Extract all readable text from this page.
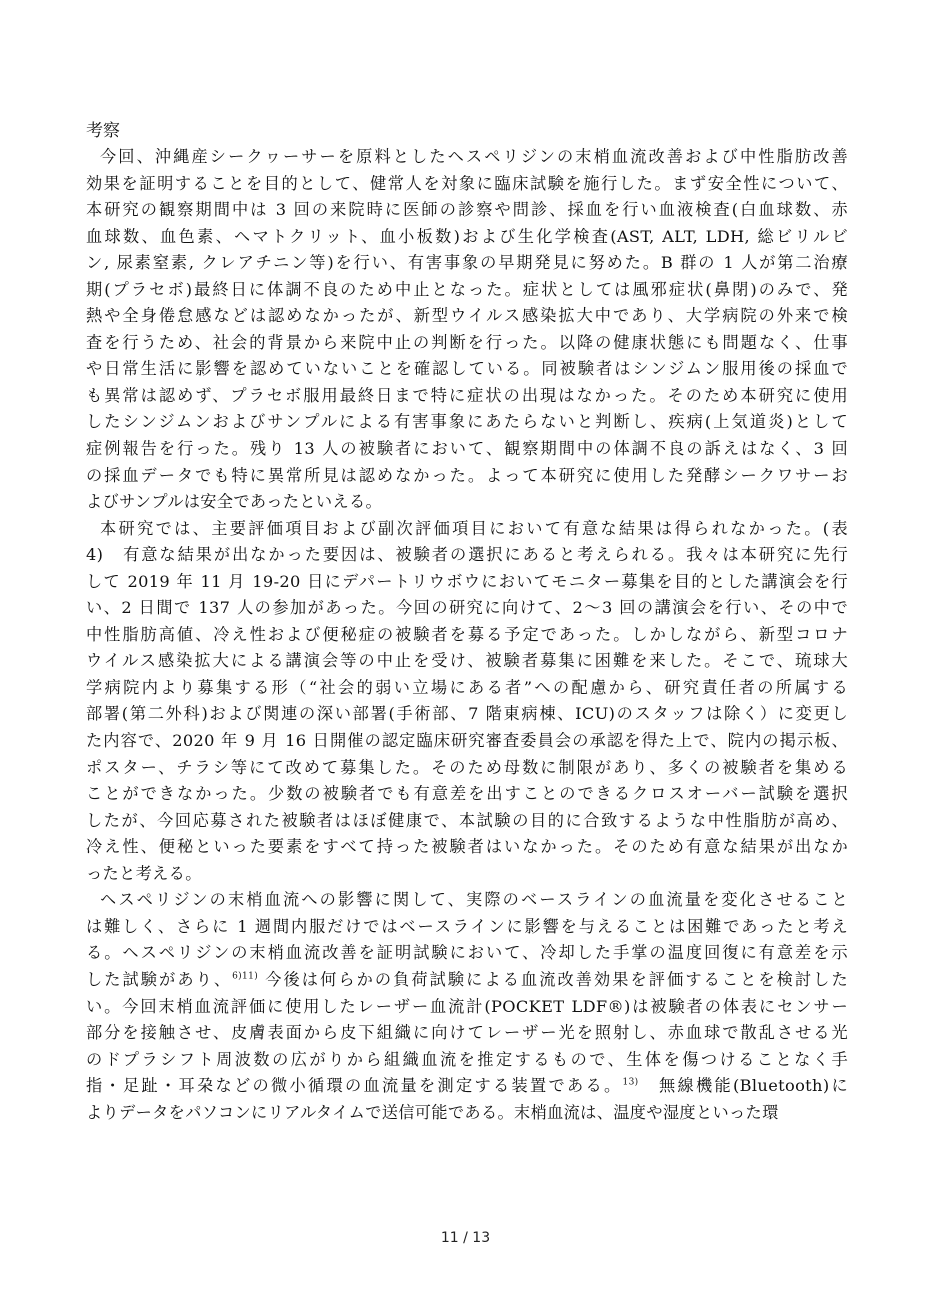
考察
今回、沖縄産シークヮーサーを原料としたヘスペリジンの末梢血流改善および中性脂肪改善
効果を証明することを目的として、健常人を対象に臨床試験を施行した。まず安全性について、
本研究の観察期間中は 3 回の来院時に医師の診察や問診、採血を行い血液検査(白血球数、赤
血球数、血色素、ヘマトクリット、血小板数)および生化学検査(AST, ALT, LDH, 総ビリルビ
ン, 尿素窒素, クレアチニン等)を行い、有害事象の早期発見に努めた。B 群の 1 人が第二治療
期(プラセボ)最終日に体調不良のため中止となった。症状としては風邪症状(鼻閉)のみで、発
熱や全身倦怠感などは認めなかったが、新型ウイルス感染拡大中であり、大学病院の外来で検
査を行うため、社会的背景から来院中止の判断を行った。以降の健康状態にも問題なく、仕事
や日常生活に影響を認めていないことを確認している。同被験者はシンジムン服用後の採血で
も異常は認めず、プラセボ服用最終日まで特に症状の出現はなかった。そのため本研究に使用
したシンジムンおよびサンプルによる有害事象にあたらないと判断し、疾病(上気道炎)として
症例報告を行った。残り 13 人の被験者において、観察期間中の体調不良の訴えはなく、3 回
の採血データでも特に異常所見は認めなかった。よって本研究に使用した発酵シークワサーお
よびサンプルは安全であったといえる。
本研究では、主要評価項目および副次評価項目において有意な結果は得られなかった。(表
4)　有意な結果が出なかった要因は、被験者の選択にあると考えられる。我々は本研究に先行
して 2019 年 11 月 19-20 日にデパートリウボウにおいてモニター募集を目的とした講演会を行
い、2 日間で 137 人の参加があった。今回の研究に向けて、2～3 回の講演会を行い、その中で
中性脂肪高値、冷え性および便秘症の被験者を募る予定であった。しかしながら、新型コロナ
ウイルス感染拡大による講演会等の中止を受け、被験者募集に困難を来した。そこで、琉球大
学病院内より募集する形（“社会的弱い立場にある者”への配慮から、研究責任者の所属する
部署(第二外科)および関連の深い部署(手術部、7 階東病棟、ICU)のスタッフは除く）に変更し
た内容で、2020 年 9 月 16 日開催の認定臨床研究審査委員会の承認を得た上で、院内の掲示板、
ポスター、チラシ等にて改めて募集した。そのため母数に制限があり、多くの被験者を集める
ことができなかった。少数の被験者でも有意差を出すことのできるクロスオーバー試験を選択
したが、今回応募された被験者はほぼ健康で、本試験の目的に合致するような中性脂肪が高め、
冷え性、便秘といった要素をすべて持った被験者はいなかった。そのため有意な結果が出なか
ったと考える。
ヘスペリジンの末梢血流への影響に関して、実際のベースラインの血流量を変化させること
は難しく、さらに 1 週間内服だけではベースラインに影響を与えることは困難であったと考え
る。ヘスペリジンの末梢血流改善を証明試験において、冷却した手掌の温度回復に有意差を示
した試験があり、$^{6)11)}$ 今後は何らかの負荷試験による血流改善効果を評価することを検討した
い。今回末梢血流評価に使用したレーザー血流計(POCKET LDF®)は被験者の体表にセンサー
部分を接触させ、皮膚表面から皮下組織に向けてレーザー光を照射し、赤血球で散乱させる光
のドプラシフト周波数の広がりから組織血流を推定するもので、生体を傷つけることなく手
指・足趾・耳朶などの微小循環の血流量を測定する装置である。$^{13)}$　無線機能(Bluetooth)に
よりデータをパソコンにリアルタイムで送信可能である。末梢血流は、温度や湿度といった環
11 / 13
